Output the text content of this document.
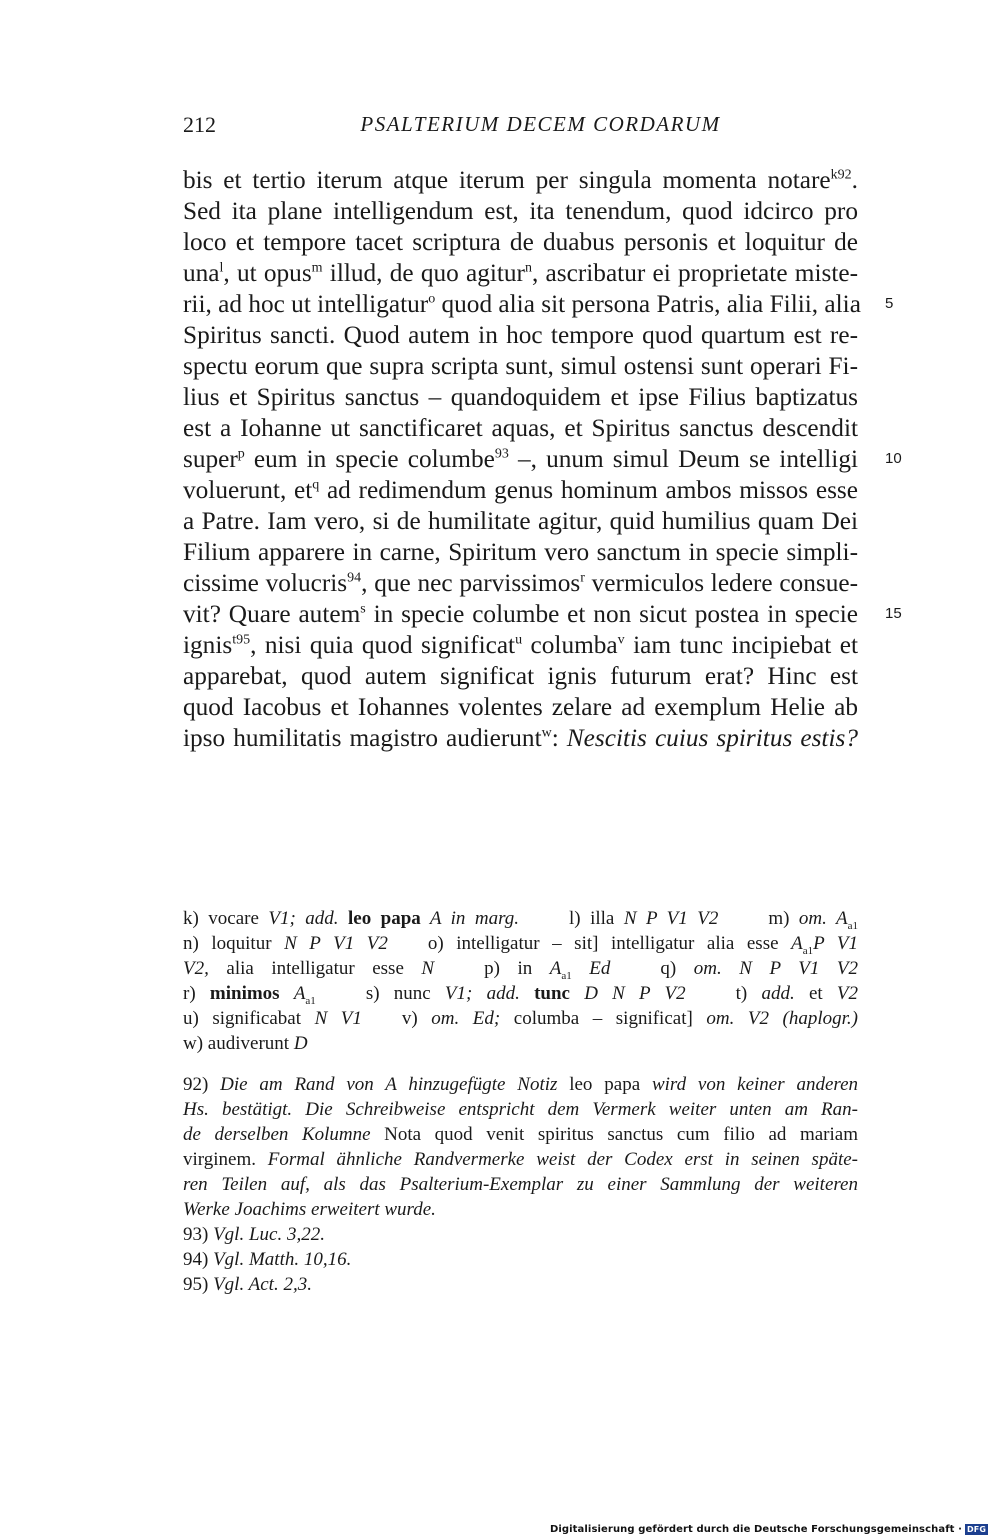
212	PSALTERIUM DECEM CORDARUM
bis et tertio iterum atque iterum per singula momenta notare$^{k92}$.
Sed ita plane intelligendum est, ita tenendum, quod idcirco pro
loco et tempore tacet scriptura de duabus personis et loquitur de
una$^l$, ut opus$^m$ illud, de quo agitur$^n$, ascribatur ei proprietate miste-
rii, ad hoc ut intelligatur$^o$ quod alia sit persona Patris, alia Filii, alia
Spiritus sancti. Quod autem in hoc tempore quod quartum est re-
spectu eorum que supra scripta sunt, simul ostensi sunt operari Fi-
lius et Spiritus sanctus – quandoquidem et ipse Filius baptizatus
est a Iohanne ut sanctificaret aquas, et Spiritus sanctus descendit
super$^p$ eum in specie columbe$^{93}$ –, unum simul Deum se intelligi
voluerunt, $et^q$ ad redimendum genus hominum ambos missos esse
a Patre. Iam vero, si de humilitate agitur, quid humilius quam Dei
Filium apparere in carne, Spiritum vero sanctum in specie simpli-
cissime volucris$^{94}$, que nec parvissimos$^r$ vermiculos ledere consue-
vit? Quare autem$^s$ in specie columbe et non sicut postea in specie
ignis$^{t95}$, nisi quia quod significat$^u$ columba$^v$ iam tunc incipiebat et
apparebat, quod autem significat ignis futurum erat? Hinc est
quod Iacobus et Iohannes volentes zelare ad exemplum Helie ab
ipso humilitatis magistro audierunt$^w$: Nescitis cuius spiritus estis?
5
10
15
k) vocare V1; add. leo papa A in marg.	l) illa N P V1 V2	m) om. $A_{a1}$
n) loquitur N P V1 V2 o) intelligatur – sit] intelligatur alia esse $A_{a1}P$ V1
V2, alia intelligatur esse N	p) in $A_{a1}$ Ed	q) om. N P V1 V2
r) minimos $A_{a1}$	s) nunc V1; add. tunc D N P V2	t) add. et V2
u) significabat N V1 v) om. Ed; columba – significat] om. V2 (haplogr.)
w) audiverunt D
92) Die am Rand von A hinzugefügte Notiz leo papa wird von keiner anderen
Hs. bestätigt. Die Schreibweise entspricht dem Vermerk weiter unten am Ran-
de derselben Kolumne Nota quod venit spiritus sanctus cum filio ad mariam
virginem. Formal ähnliche Randvermerke weist der Codex erst in seinen späte-
ren Teilen auf, als das Psalterium-Exemplar zu einer Sammlung der weiteren
Werke Joachims erweitert wurde.
93) Vgl. Luc. 3,22.
94) Vgl. Matth. 10,16.
95) Vgl. Act. 2,3.
Digitalisierung gefördert durch die Deutsche Forschungsgemeinschaft · DFG
